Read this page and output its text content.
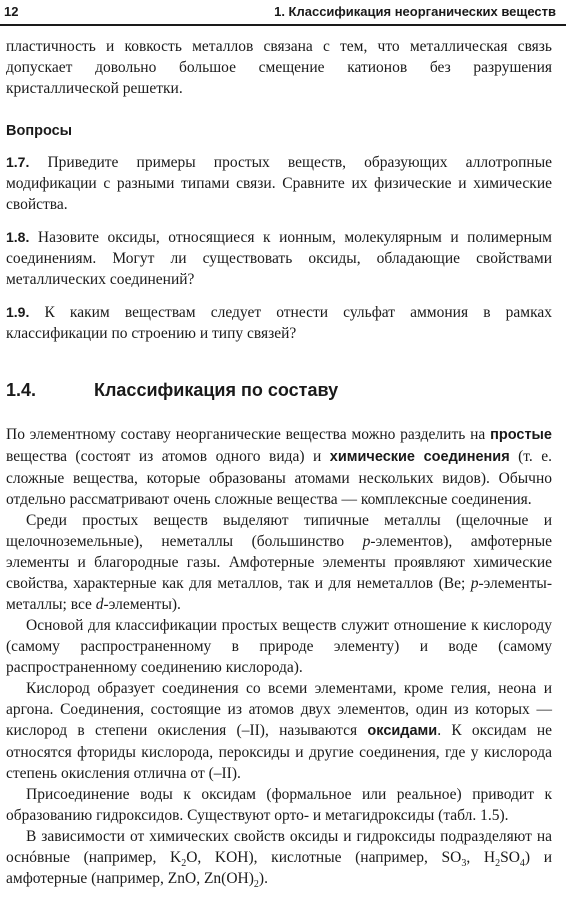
12	1. Классификация неорганических веществ

пластичность и ковкость металлов связана с тем, что металлическая связь допускает довольно большое смещение катионов без разрушения кристаллической решетки.

Вопросы

1.7. Приведите примеры простых веществ, образующих аллотропные модификации с разными типами связи. Сравните их физические и химические свойства.

1.8. Назовите оксиды, относящиеся к ионным, молекулярным и полимерным соединениям. Могут ли существовать оксиды, обладающие свойствами металлических соединений?

1.9. К каким веществам следует отнести сульфат аммония в рамках классификации по строению и типу связей?

1.4.	Классификация по составу

По элементному составу неорганические вещества можно разделить на простые вещества (состоят из атомов одного вида) и химические соединения (т. е. сложные вещества, которые образованы атомами нескольких видов). Обычно отдельно рассматривают очень сложные вещества — комплексные соединения.

Среди простых веществ выделяют типичные металлы (щелочные и щелочноземельные), неметаллы (большинство p-элементов), амфотерные элементы и благородные газы. Амфотерные элементы проявляют химические свойства, характерные как для металлов, так и для неметаллов (Be; p-элементы-металлы; все d-элементы).

Основой для классификации простых веществ служит отношение к кислороду (самому распространенному в природе элементу) и воде (самому распространенному соединению кислорода).

Кислород образует соединения со всеми элементами, кроме гелия, неона и аргона. Соединения, состоящие из атомов двух элементов, один из которых — кислород в степени окисления (–II), называются оксидами. К оксидам не относятся фториды кислорода, пероксиды и другие соединения, где у кислорода степень окисления отлична от (–II).

Присоединение воды к оксидам (формальное или реальное) приводит к образованию гидроксидов. Существуют орто- и метагидроксиды (табл. 1.5).

В зависимости от химических свойств оксиды и гидроксиды подразделяют на оснóвные (например, $K_2O$, KOH), кислотные (например, $SO_3$, $H_2SO_4$) и амфотерные (например, ZnO, $Zn(OH)_2$).
